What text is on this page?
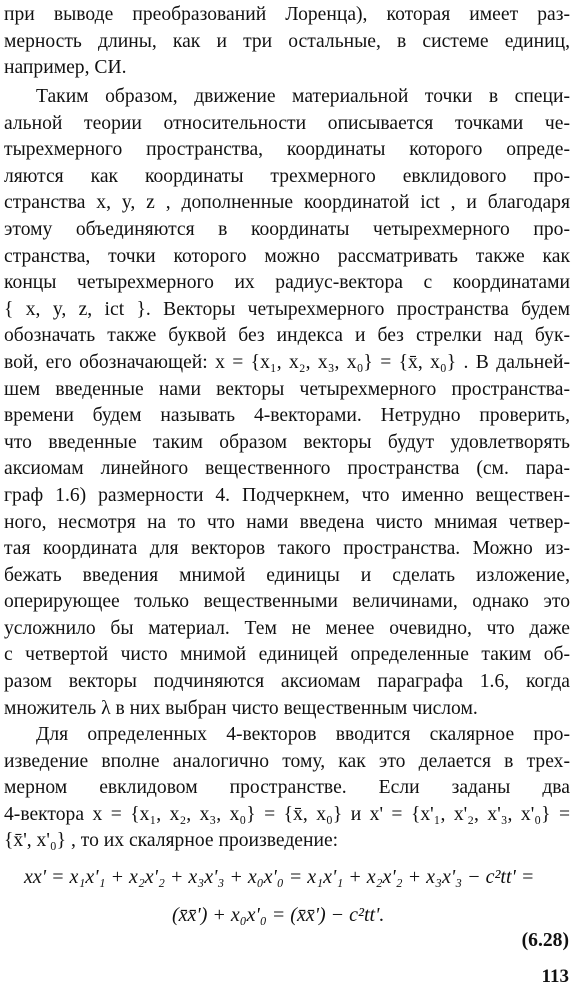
при выводе преобразований Лоренца), которая имеет раз-
мерность длины, как и три остальные, в системе единиц,
например, СИ.
Таким образом, движение материальной точки в специ-
альной теории относительности описывается точками че-
тырехмерного пространства, координаты которого опреде-
ляются как координаты трехмерного евклидового про-
странства x, y, z , дополненные координатой ict , и благодаря
этому объединяются в координаты четырехмерного про-
странства, точки которого можно рассматривать также как
концы четырехмерного их радиус-вектора с координатами
{ x, y, z, ict }. Векторы четырехмерного пространства будем
обозначать также буквой без индекса и без стрелки над бук-
вой, его обозначающей: x = {x₁, x₂, x₃, x₀} = {x̄, x₀} . В дальней-
шем введенные нами векторы четырехмерного пространства-
времени будем называть 4-векторами. Нетрудно проверить,
что введенные таким образом векторы будут удовлетворять
аксиомам линейного вещественного пространства (см. пара-
граф 1.6) размерности 4. Подчеркнем, что именно веществен-
ного, несмотря на то что нами введена чисто мнимая четвер-
тая координата для векторов такого пространства. Можно из-
бежать введения мнимой единицы и сделать изложение,
оперирующее только вещественными величинами, однако это
усложнило бы материал. Тем не менее очевидно, что даже
с четвертой чисто мнимой единицей определенные таким об-
разом векторы подчиняются аксиомам параграфа 1.6, когда
множитель λ в них выбран чисто вещественным числом.
Для определенных 4-векторов вводится скалярное про-
изведение вполне аналогично тому, как это делается в трех-
мерном евклидовом пространстве. Если заданы два
4-вектора x = {x₁, x₂, x₃, x₀} = {x̄, x₀} и x' = {x'₁, x'₂, x'₃, x'₀} =
{x̄', x'₀} , то их скалярное произведение:
xx' = x₁x'₁ + x₂x'₂ + x₃x'₃ + x₀x'₀ = x₁x'₁ + x₂x'₂ + x₃x'₃ − c²tt' =
(x̄x̄') + x₀x'₀ = (x̄x̄') − c²tt'.
(6.28)
113
